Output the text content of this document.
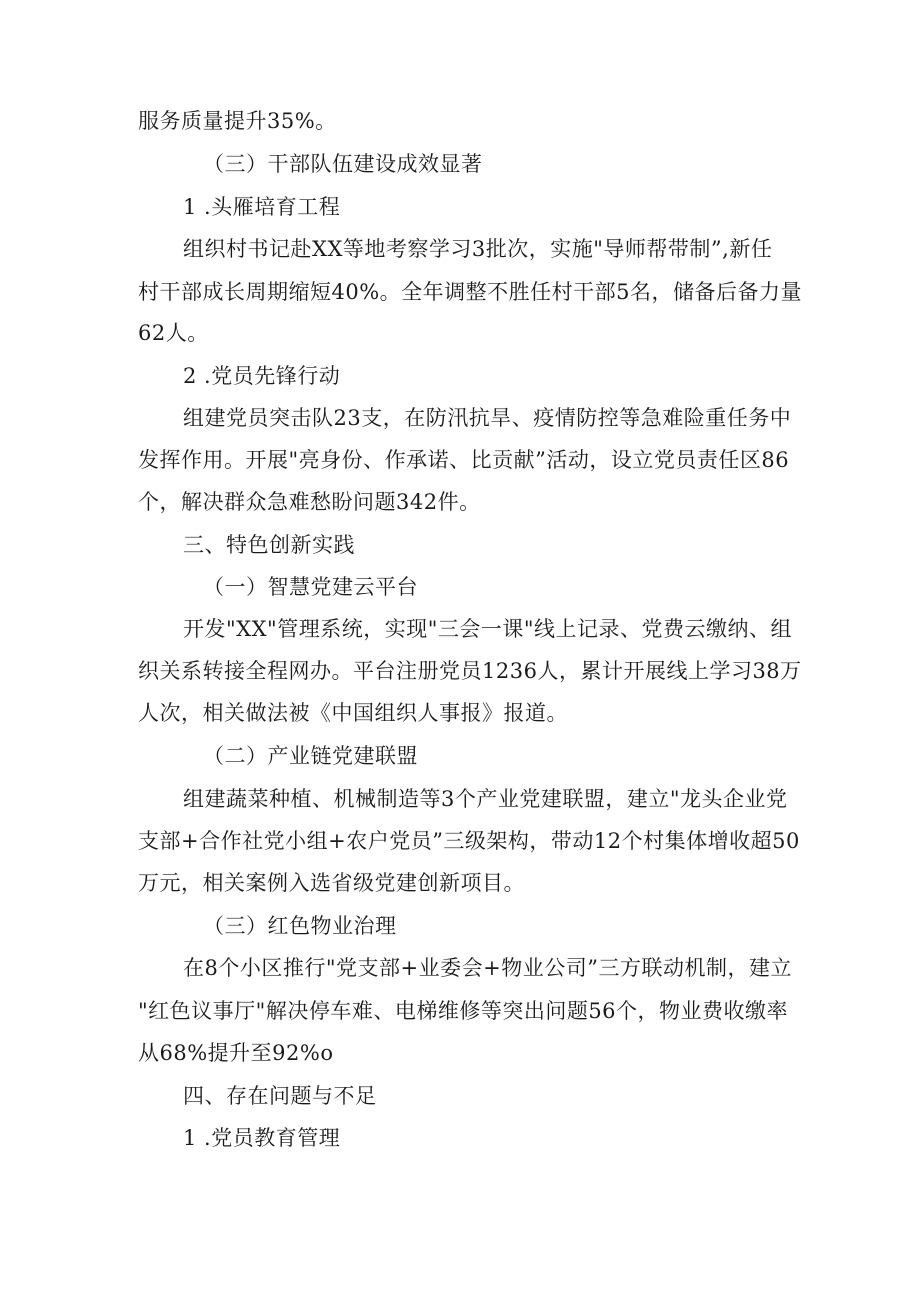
服务质量提升35%。
（三）干部队伍建设成效显著
1 .头雁培育工程
组织村书记赴XX等地考察学习3批次，实施"导师帮带制”,新任
村干部成长周期缩短40%。全年调整不胜任村干部5名，储备后备力量
62人。
2 .党员先锋行动
组建党员突击队23支，在防汛抗旱、疫情防控等急难险重任务中
发挥作用。开展"亮身份、作承诺、比贡献”活动，设立党员责任区86
个，解决群众急难愁盼问题342件。
三、特色创新实践
（一）智慧党建云平台
开发"XX"管理系统，实现"三会一课"线上记录、党费云缴纳、组
织关系转接全程网办。平台注册党员1236人，累计开展线上学习38万
人次，相关做法被《中国组织人事报》报道。
（二）产业链党建联盟
组建蔬菜种植、机械制造等3个产业党建联盟，建立"龙头企业党
支部+合作社党小组+农户党员”三级架构，带动12个村集体增收超50
万元，相关案例入选省级党建创新项目。
（三）红色物业治理
在8个小区推行"党支部+业委会+物业公司”三方联动机制，建立
"红色议事厅"解决停车难、电梯维修等突出问题56个，物业费收缴率
从68%提升至92%o
四、存在问题与不足
1 .党员教育管理
